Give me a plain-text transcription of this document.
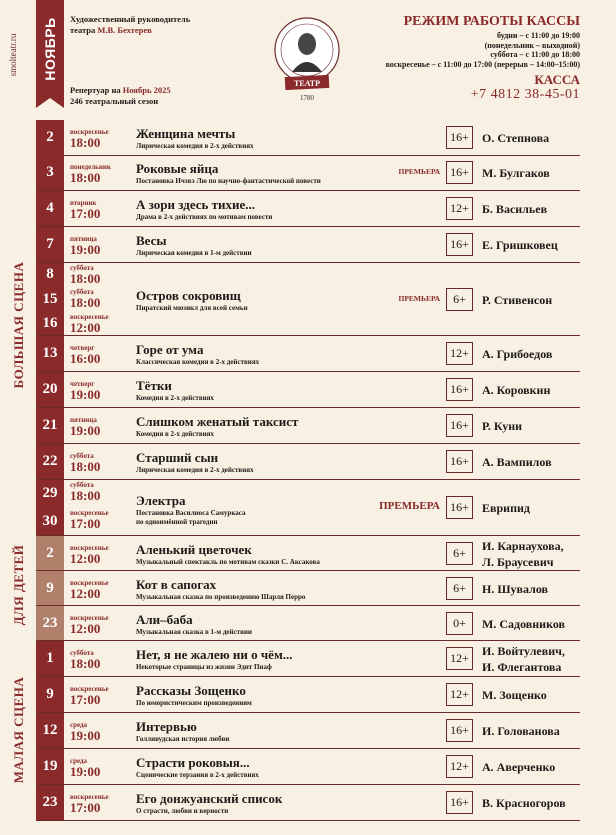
smolteatr.ru НОЯБРЬ Художественный руководитель
театра М.В. Бехтерев
Репертуар на Ноябрь 2025
246 театральный сезон
ТЕАТР
1780
РЕЖИМ РАБОТЫ КАССЫ
будни – с 11:00 до 19:00
(понедельник – выходной)
суббота – с 11:00 до 18:00
воскресенье – с 11:00 до 17:00 (перерыв – 14:00–15:00)
КАССА
+7 4812 38-45-01
БОЛЬШАЯ СЦЕНА
ДЛЯ ДЕТЕЙ
МАЛАЯ СЦЕНА
2	воскресенье
18:00
Женщина мечты
Лирическая комедия в 2-х действиях
16+	О. Степнова
3	понедельник
18:00
Роковые яйца
Постановка Ичэвэ Лю по научно-фантастической повести
ПРЕМЬЕРА 16+	М. Булгаков
4	вторник
17:00
А зори здесь тихие...
Драма в 2-х действиях по мотивам повести
12+	Б. Васильев
7	пятница
19:00
Весы
Лирическая комедия в 1-м действии
16+	Е. Гришковец
8	суббота
18:00
15	суббота
18:00
16	воскресенье
12:00
Остров сокровищ
Пиратский мюзикл для всей семьи
ПРЕМЬЕРА	6+	Р. Стивенсон
13	четверг
16:00
Горе от ума
Классическая комедия в 2-х действиях
12+	А. Грибоедов
20	четверг
19:00
Тётки
Комедия в 2-х действиях
16+	А. Коровкин
21	пятница
19:00
Слишком женатый таксист
Комедия в 2-х действиях
16+	Р. Куни
22	суббота
18:00
Старший сын
Лирическая комедия в 2-х действиях
16+	А. Вампилов
29	суббота
18:00
30	воскресенье
17:00
Электра
Постановка Василиоса Самуркаса
по одноимённой трагедии
ПРЕМЬЕРА 16+	Еврипид
2	воскресенье
12:00
Аленький цветочек
Музыкальный спектакль по мотивам сказки С. Аксакова
6+	И. Карнаухова,
Л. Браусевич
9	воскресенье
12:00
Кот в сапогах
Музыкальная сказка по произведению Шарля Перро
6+	Н. Шувалов
23	воскресенье
12:00
Али–баба
Музыкальная сказка в 1-м действии
0+	М. Садовников
1	суббота
18:00
Нет, я не жалею ни о чём...
Некоторые страницы из жизни Эдит Пиаф
12+	И. Войтулевич,
И. Флегантова
9	воскресенье
17:00
Рассказы Зощенко
По юмористическим произведениям
12+	М. Зощенко
12	среда
19:00
Интервью
Голливудская история любви
16+	И. Голованова
19	среда
19:00
Страсти роковыя...
Сценические терзания в 2-х действиях
12+	А. Аверченко
23	воскресенье
17:00
Его донжуанский список
О страсти, любви и верности
16+	В. Красногоров
